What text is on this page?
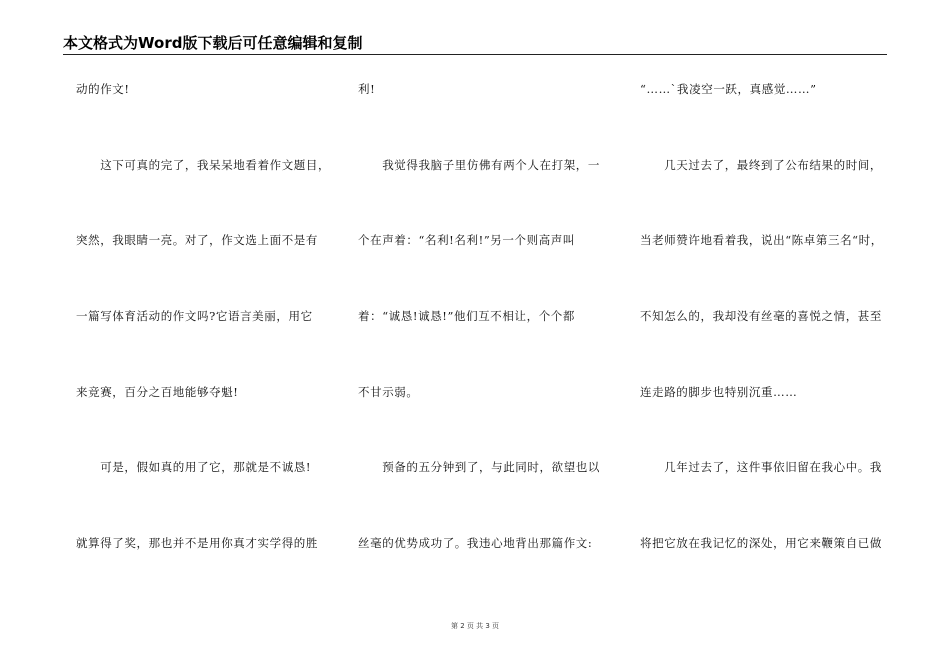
本文格式为Word版下载后可任意编辑和复制
动的作文!
　　这下可真的完了，我呆呆地看着作文题目，
突然，我眼睛一亮。对了，作文选上面不是有
一篇写体育活动的作文吗?它语言美丽，用它
来竞赛，百分之百地能够夺魁!
　　可是，假如真的用了它，那就是不诚恳!
就算得了奖，那也并不是用你真才实学得的胜
利!
　　我觉得我脑子里仿佛有两个人在打架，一
个在声着：“名利!名利!”另一个则高声叫
着：“诚恳!诚恳!”他们互不相让，个个都
不甘示弱。
　　预备的五分钟到了，与此同时，欲望也以
丝毫的优势成功了。我违心地背出那篇作文:
“……`我凌空一跃，真感觉……”
　　几天过去了，最终到了公布结果的时间，
当老师赞许地看着我，说出“陈卓第三名“时，
不知怎么的，我却没有丝毫的喜悦之情，甚至
连走路的脚步也特别沉重……
　　几年过去了，这件事依旧留在我心中。我
将把它放在我记忆的深处，用它来鞭策自已做
第 2 页 共 3 页
